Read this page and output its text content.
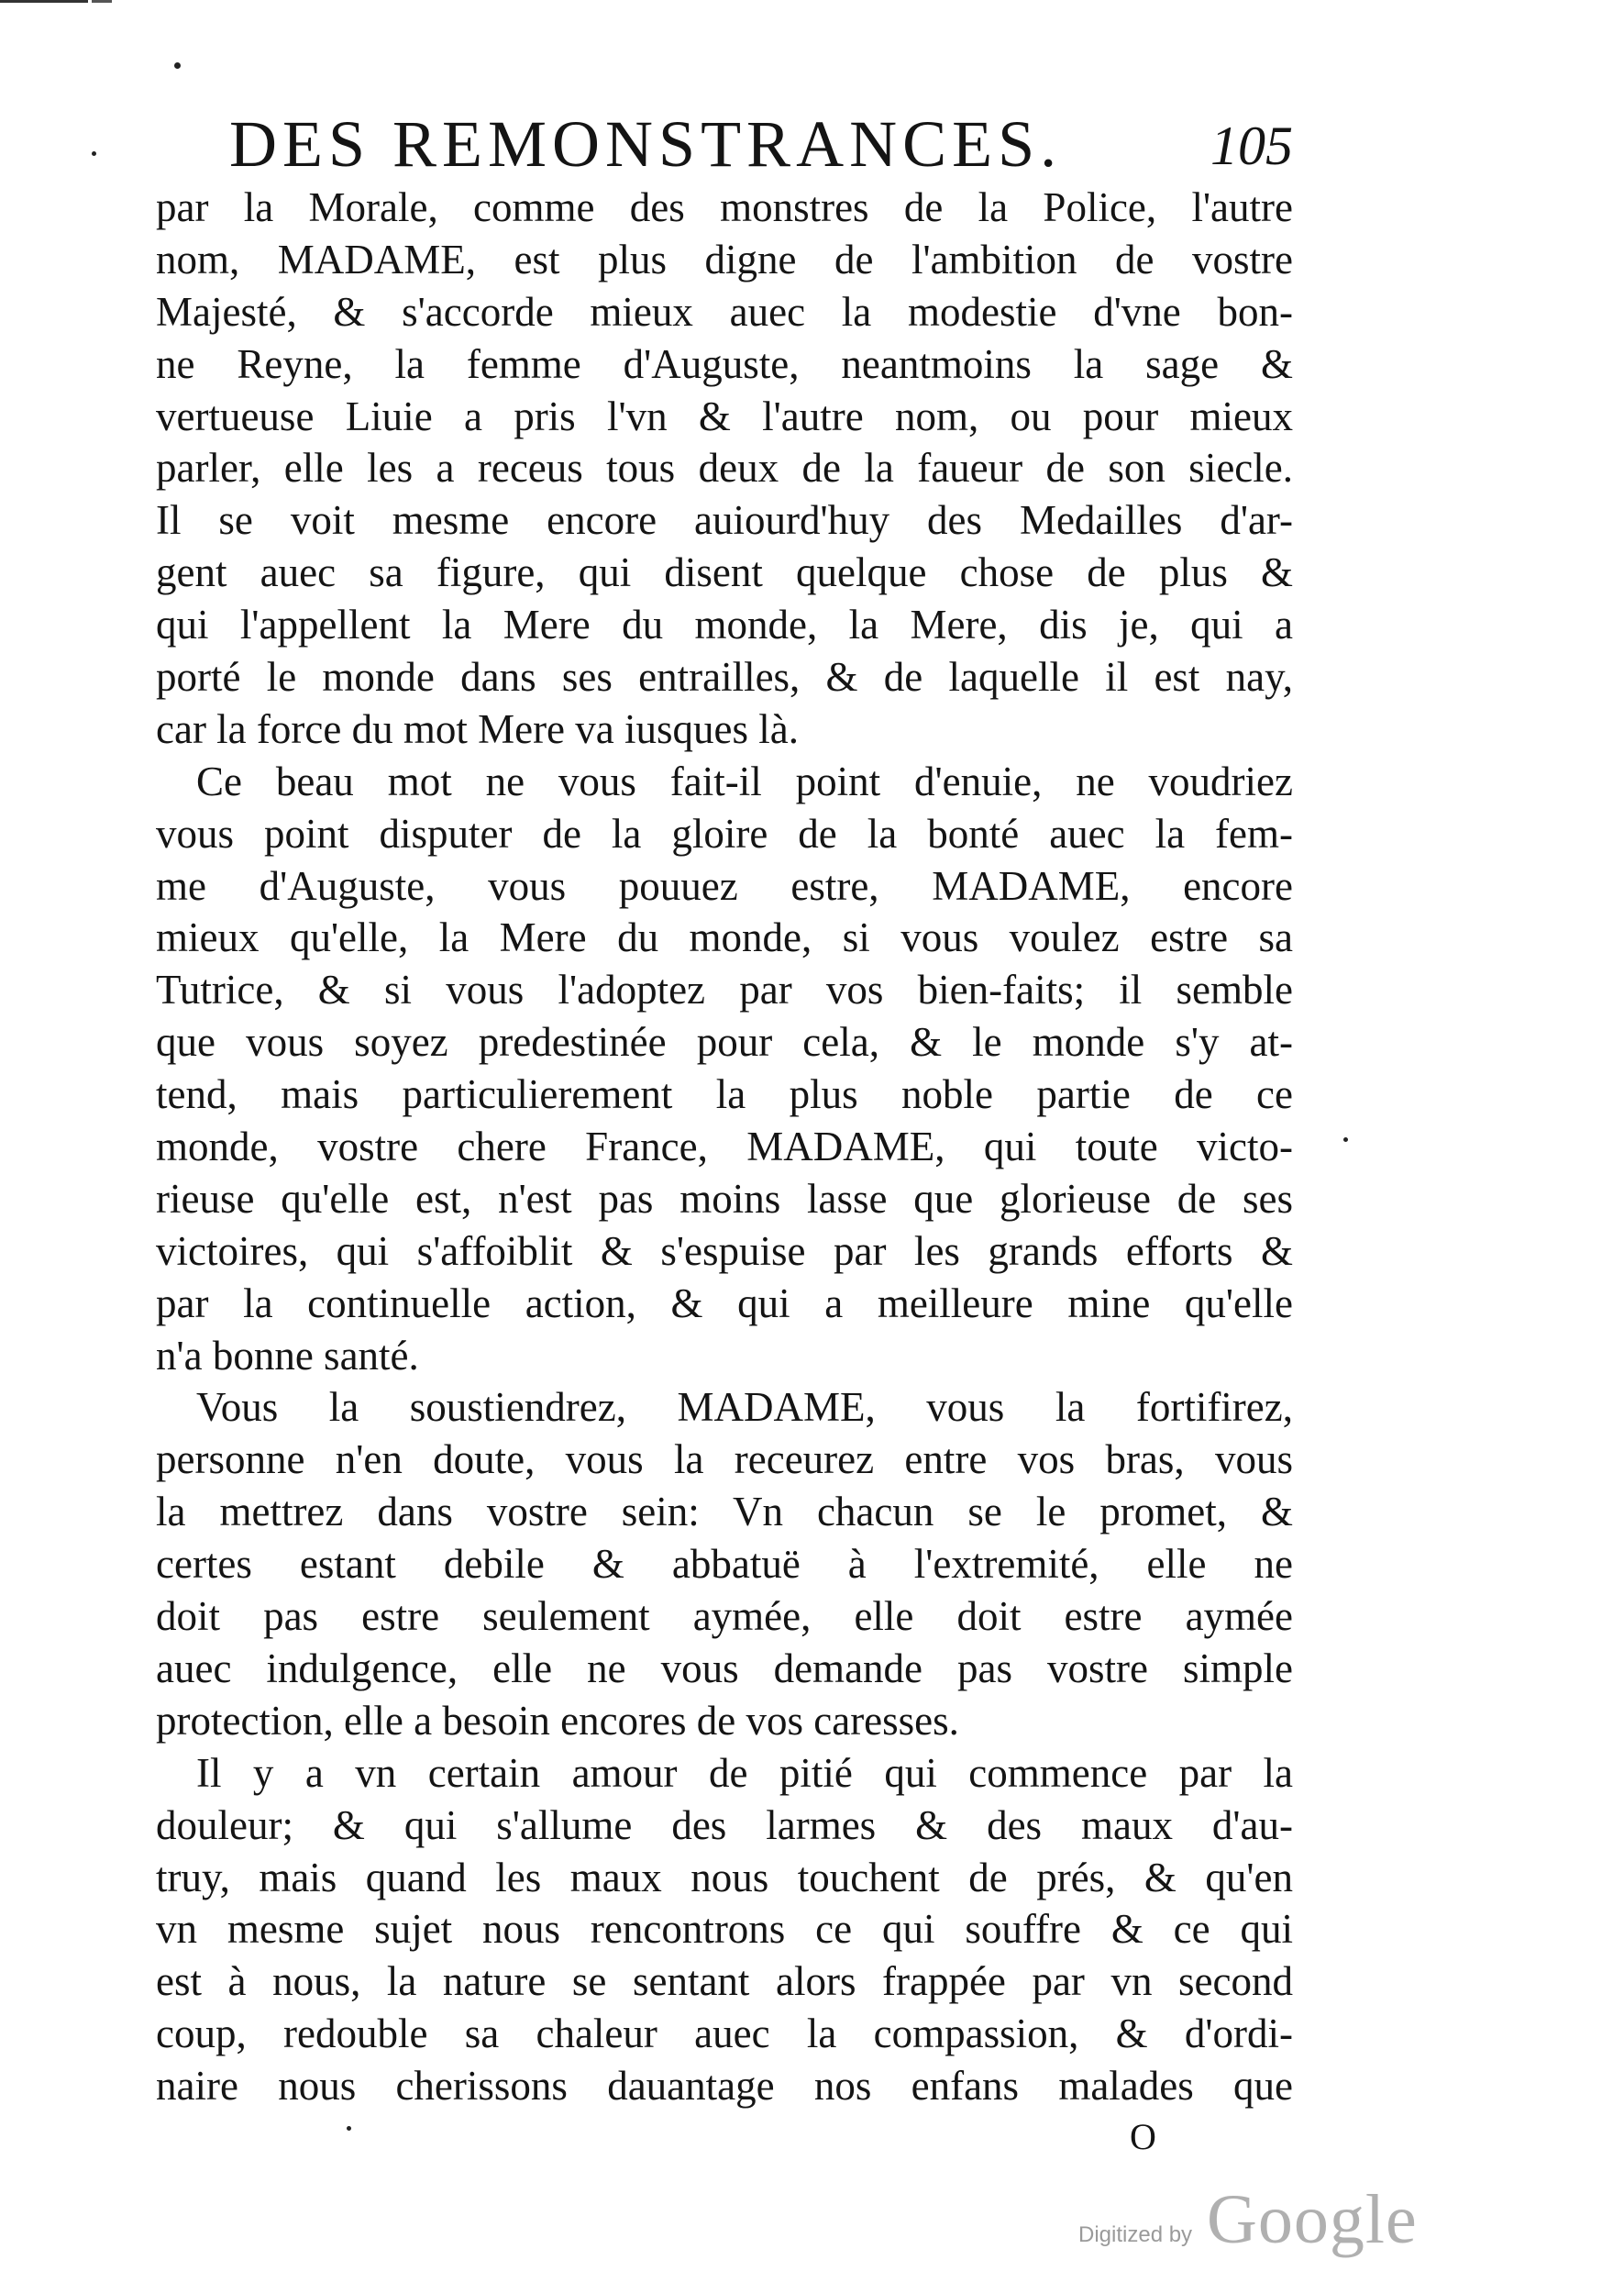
DES REMONSTRANCES.	105
par la Morale, comme des monstres de la Police, l'autre
nom, MADAME, est plus digne de l'ambition de vostre
Majesté, & s'accorde mieux auec la modestie d'vne bon-
ne Reyne, la femme d'Auguste, neantmoins la sage &
vertueuse Liuie a pris l'vn & l'autre nom, ou pour mieux
parler, elle les a receus tous deux de la faueur de son siecle.
Il se voit mesme encore auiourd'huy des Medailles d'ar-
gent auec sa figure, qui disent quelque chose de plus &
qui l'appellent la Mere du monde, la Mere, dis je, qui a
porté le monde dans ses entrailles, & de laquelle il est nay,
car la force du mot Mere va iusques là.
Ce beau mot ne vous fait-il point d'enuie, ne voudriez
vous point disputer de la gloire de la bonté auec la fem-
me d'Auguste, vous pouuez estre, MADAME, encore
mieux qu'elle, la Mere du monde, si vous voulez estre sa
Tutrice, & si vous l'adoptez par vos bien-faits; il semble
que vous soyez predestinée pour cela, & le monde s'y at-
tend, mais particulierement la plus noble partie de ce
monde, vostre chere France, MADAME, qui toute victo-
rieuse qu'elle est, n'est pas moins lasse que glorieuse de ses
victoires, qui s'affoiblit & s'espuise par les grands efforts &
par la continuelle action, & qui a meilleure mine qu'elle
n'a bonne santé.
Vous la soustiendrez, MADAME, vous la fortifirez,
personne n'en doute, vous la receurez entre vos bras, vous
la mettrez dans vostre sein: Vn chacun se le promet, &
certes estant debile & abbatuë à l'extremité, elle ne
doit pas estre seulement aymée, elle doit estre aymée
auec indulgence, elle ne vous demande pas vostre simple
protection, elle a besoin encores de vos caresses.
Il y a vn certain amour de pitié qui commence par la
douleur; & qui s'allume des larmes & des maux d'au-
truy, mais quand les maux nous touchent de prés, & qu'en
vn mesme sujet nous rencontrons ce qui souffre & ce qui
est à nous, la nature se sentant alors frappée par vn second
coup, redouble sa chaleur auec la compassion, & d'ordi-
naire nous cherissons dauantage nos enfans malades que
O
Digitized by Google
